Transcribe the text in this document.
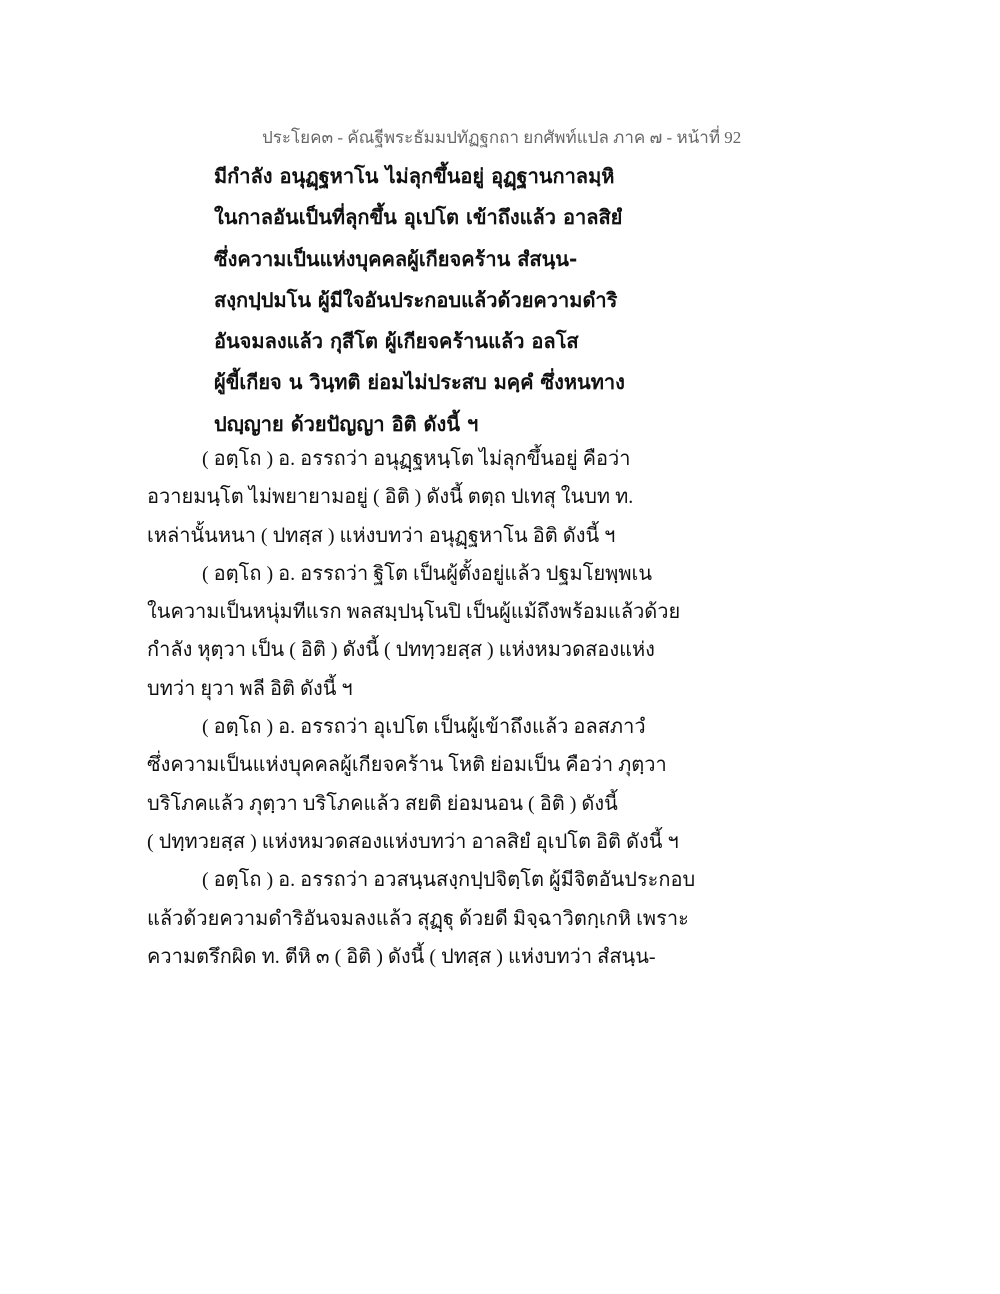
ประโยค๓ - คัณฐีพระธัมมปทัฏฐกถา ยกศัพท์แปล ภาค ๗ - หน้าที่ 92
มีกำลัง อนุฏฺฐหาโน ไม่ลุกขึ้นอยู่ อุฏฺฐานกาลมฺหิ
ในกาลอันเป็นที่ลุกขึ้น อุเปโต เข้าถึงแล้ว อาลสิยํ
ซึ่งความเป็นแห่งบุคคลผู้เกียจคร้าน สํสนฺน-
สงฺกปฺปมโน ผู้มีใจอันประกอบแล้วด้วยความดำริ
อันจมลงแล้ว กุสีโต ผู้เกียจคร้านแล้ว อลโส
ผู้ขี้เกียจ น วินฺทติ ย่อมไม่ประสบ มคฺคํ ซึ่งหนทาง
ปญฺญาย ด้วยปัญญา อิติ ดังนี้ ฯ
( อตฺโถ ) อ. อรรถว่า อนุฏฺฐหนฺโต ไม่ลุกขึ้นอยู่ คือว่า
อวายมนฺโต ไม่พยายามอยู่ ( อิติ ) ดังนี้ ตตฺถ ปเทสุ ในบท ท.
เหล่านั้นหนา ( ปทสฺส ) แห่งบทว่า อนุฏฺฐหาโน อิติ ดังนี้ ฯ
( อตฺโถ ) อ. อรรถว่า ฐิโต เป็นผู้ตั้งอยู่แล้ว ปฐมโยพฺพเน
ในความเป็นหนุ่มทีแรก พลสมฺปนฺโนปิ เป็นผู้แม้ถึงพร้อมแล้วด้วย
กำลัง หุตฺวา เป็น ( อิติ ) ดังนี้ ( ปททฺวยสฺส ) แห่งหมวดสองแห่ง
บทว่า ยุวา พลี อิติ ดังนี้ ฯ
( อตฺโถ ) อ. อรรถว่า อุเปโต เป็นผู้เข้าถึงแล้ว อลสภาวํ
ซึ่งความเป็นแห่งบุคคลผู้เกียจคร้าน โหติ ย่อมเป็น คือว่า ภุตฺวา
บริโภคแล้ว ภุตฺวา บริโภคแล้ว สยติ ย่อมนอน ( อิติ ) ดังนี้
( ปทฺทวยสฺส ) แห่งหมวดสองแห่งบทว่า อาลสิยํ อุเปโต อิติ ดังนี้ ฯ
( อตฺโถ ) อ. อรรถว่า อวสนฺนสงฺกปฺปจิตฺโต ผู้มีจิตอันประกอบ
แล้วด้วยความดำริอันจมลงแล้ว สุฏฺฐุ ด้วยดี มิจฺฉาวิตกฺเกหิ เพราะ
ความตรึกผิด ท. ตีหิ ๓ ( อิติ ) ดังนี้ ( ปทสฺส ) แห่งบทว่า สํสนฺน-
